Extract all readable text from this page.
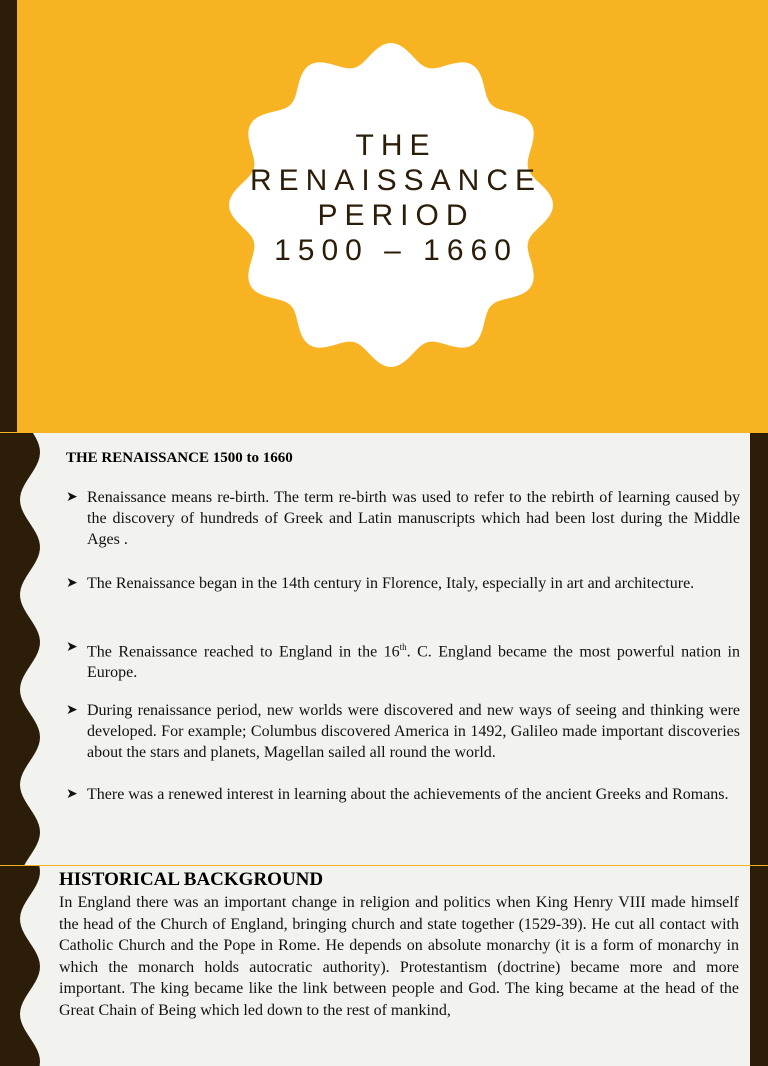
THE
RENAISSANCE
PERIOD
1500 – 1660
THE RENAISSANCE 1500 to 1660
➤ Renaissance means re-birth. The term re-birth was used to refer to the rebirth of learning caused by the discovery of hundreds of Greek and Latin manuscripts which had been lost during the Middle Ages .
➤ The Renaissance began in the 14th century in Florence, Italy, especially in art and architecture.
➤ The Renaissance reached to England in the 16th. C. England became the most powerful nation in Europe.
➤ During renaissance period, new worlds were discovered and new ways of seeing and thinking were developed. For example; Columbus discovered America in 1492, Galileo made important discoveries about the stars and planets, Magellan sailed all round the world.
➤ There was a renewed interest in learning about the achievements of the ancient Greeks and Romans.
HISTORICAL BACKGROUND
In England there was an important change in religion and politics when King Henry VIII made himself the head of the Church of England, bringing church and state together (1529-39). He cut all contact with Catholic Church and the Pope in Rome. He depends on absolute monarchy (it is a form of monarchy in which the monarch holds autocratic authority). Protestantism (doctrine) became more and more important. The king became like the link between people and God. The king became at the head of the Great Chain of Being which led down to the rest of mankind,
